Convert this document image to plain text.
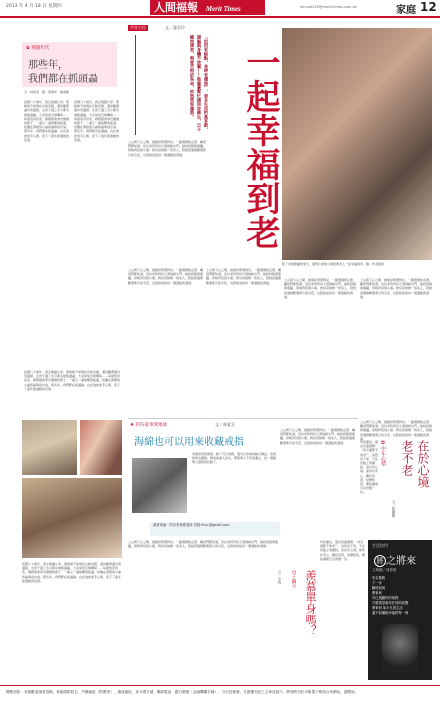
2013 年 4 月 18 日 星期四	人間福報 Merit Times	minuet129@merit-times.com.tw	家庭 12
✿ 那個年代
那些年，
我們都在抓頭蝨
文／林金英　圖／蔡寧祥．龍美勝
民國六十幾年，我正就讀小學。那時候不如現在比較有錢，還是戴著頭巾用頭髮，女孩子頭上多少都有幾隻頭蝨，大家常常互相傳染……每當放學回家，媽媽總會拿出細細的篦子，一遍又一遍地幫我梳頭，把藏在髮根的小蟲和蟲卵刮出來。那些年，我們都在抓頭蝨，也在彼此的手心裡，留下了童年最溫暖的記憶。
民國六十幾年，我正就讀小學。那時候不如現在比較有錢，還是戴著頭巾用頭髮，女孩子頭上多少都有幾隻頭蝨，大家常常互相傳染……每當放學回家，媽媽總會拿出細細的篦子，一遍又一遍地幫我梳頭，把藏在髮根的小蟲和蟲卵刮出來。那些年，我們都在抓頭蝨，也在彼此的手心裡，留下了童年最溫暖的記憶。
民國六十幾年，我正就讀小學。那時候不如現在比較有錢，還是戴著頭巾用頭髮，女孩子頭上多少都有幾隻頭蝨，大家常常互相傳染……每當放學回家，媽媽總會拿出細細的篦子，一遍又一遍地幫我梳頭，把藏在髮根的小蟲和蟲卵刮出來。那些年，我們都在抓頭蝨，也在彼此的手心裡，留下了童年最溫暖的記憶。
市井小民	文／蘆美玲
「坦坦有缺點，長時有價值」，原本生活的基本款，頭腦與身體不放棄……她靠著幫忙撿回收維生，日子雖然清苦，與愛犬相依為命，依然笑容滿面。
上山與下山之間，她總是帶著狗兒，一路慢慢地走著。鄰居們都知道，這位老奶奶每天清晨就出門，撿拾紙箱與瓶罐，傍晚再回到小屋。狗兒是她唯一的家人，陪她度過無數個寒冷的冬夜，也陪她迎接每一個溫暖的清晨。	一起幸福到老
陪了老婦照顧的愛犬，還帶心愛的小狗陪著老人一起幸福到老。圖／作者提供
上山與下山之間，她總是帶著狗兒，一路慢慢地走著。鄰居們都知道，這位老奶奶每天清晨就出門，撿拾紙箱與瓶罐，傍晚再回到小屋。狗兒是她唯一的家人，陪她度過無數個寒冷的冬夜，也陪她迎接每一個溫暖的清晨。
上山與下山之間，她總是帶著狗兒，一路慢慢地走著。鄰居們都知道，這位老奶奶每天清晨就出門，撿拾紙箱與瓶罐，傍晚再回到小屋。狗兒是她唯一的家人，陪她度過無數個寒冷的冬夜，也陪她迎接每一個溫暖的清晨。
上山與下山之間，她總是帶著狗兒，一路慢慢地走著。鄰居們都知道，這位老奶奶每天清晨就出門，撿拾紙箱與瓶罐，傍晚再回到小屋。狗兒是她唯一的家人，陪她度過無數個寒冷的冬夜，也陪她迎接每一個溫暖的清晨。
上山與下山之間，她總是帶著狗兒，一路慢慢地走著。鄰居們都知道，這位老奶奶每天清晨就出門，撿拾紙箱與瓶罐，傍晚再回到小屋。狗兒是她唯一的家人，陪她度過無數個寒冷的冬夜，也陪她迎接每一個溫暖的清晨。
❖ 阿芬家事愛地球	文／林素芬
海綿也可以用來收藏戒指
家裡常用的海綿，除了可以洗碗，還可以拿來收納小飾品。把海綿剪出細縫，將戒指插入其中，既整齊又不容易遺失，是一個簡單又環保的好點子。
上山與下山之間，她總是帶著狗兒，一路慢慢地走著。鄰居們都知道，這位老奶奶每天清晨就出門，撿拾紙箱與瓶罐，傍晚再回到小屋。狗兒是她唯一的家人，陪她度過無數個寒冷的冬夜，也陪她迎接每一個溫暖的清晨。
讀者來函：阿芬家事愛地球 信箱 fmu-@gmail.com
上山與下山之間，她總是帶著狗兒，一路慢慢地走著。鄰居們都知道，這位老奶奶每天清晨就出門，撿拾紙箱與瓶罐，傍晚再回到小屋。狗兒是她唯一的家人，陪她度過無數個寒冷的冬夜，也陪她迎接每一個溫暖的清晨。
✿中年心情 老不老 在於心境
文／張麗卿
年紀漸長，朋友見面總問：「妳怎麼都不會老？」其實老不老，不在於臉上的皺紋，而在於心境。保持好奇心，樂於學習，常懷感恩，便能讓歲月走得慢一些。
生活快門
將 之將來
文與圖／周曾豪
朱走斯路
下一步
腳底如何
將來何
早已規劃好的前程
不敢奢望會有任何的改變
將來何 如平凡的生活
還不如擁抱幸福的每一刻
母子鋼分 羨慕單身嗎？
文／小莉
上山與下山之間，她總是帶著狗兒，一路慢慢地走著。鄰居們都知道，這位老奶奶每天清晨就出門，撿拾紙箱與瓶罐，傍晚再回到小屋。狗兒是她唯一的家人，陪她度過無數個寒冷的冬夜，也陪她迎接每一個溫暖的清晨。
年紀漸長，朋友見面總問：「妳怎麼都不會老？」其實老不老，不在於臉上的皺紋，而在於心境。保持好奇心，樂於學習，常懷感恩，便能讓歲月走得慢一些。
民國六十幾年，我正就讀小學。那時候不如現在比較有錢，還是戴著頭巾用頭髮，女孩子頭上多少都有幾隻頭蝨，大家常常互相傳染……每當放學回家，媽媽總會拿出細細的篦子，一遍又一遍地幫我梳頭，把藏在髮根的小蟲和蟲卵刮出來。那些年，我們都在抓頭蝨，也在彼此的手心裡，留下了童年最溫暖的記憶。
閱報須知：本版歡迎讀者投稿，來稿請附姓名、戶籍地址（附郵寄）、通訊地址、身分證字號、聯絡電話、銀行帳號（金融機構名稱），分行及帳號，凡獲選刊登之文章及照片，將同時刊於本報電子報與合作網站，請體諒。
